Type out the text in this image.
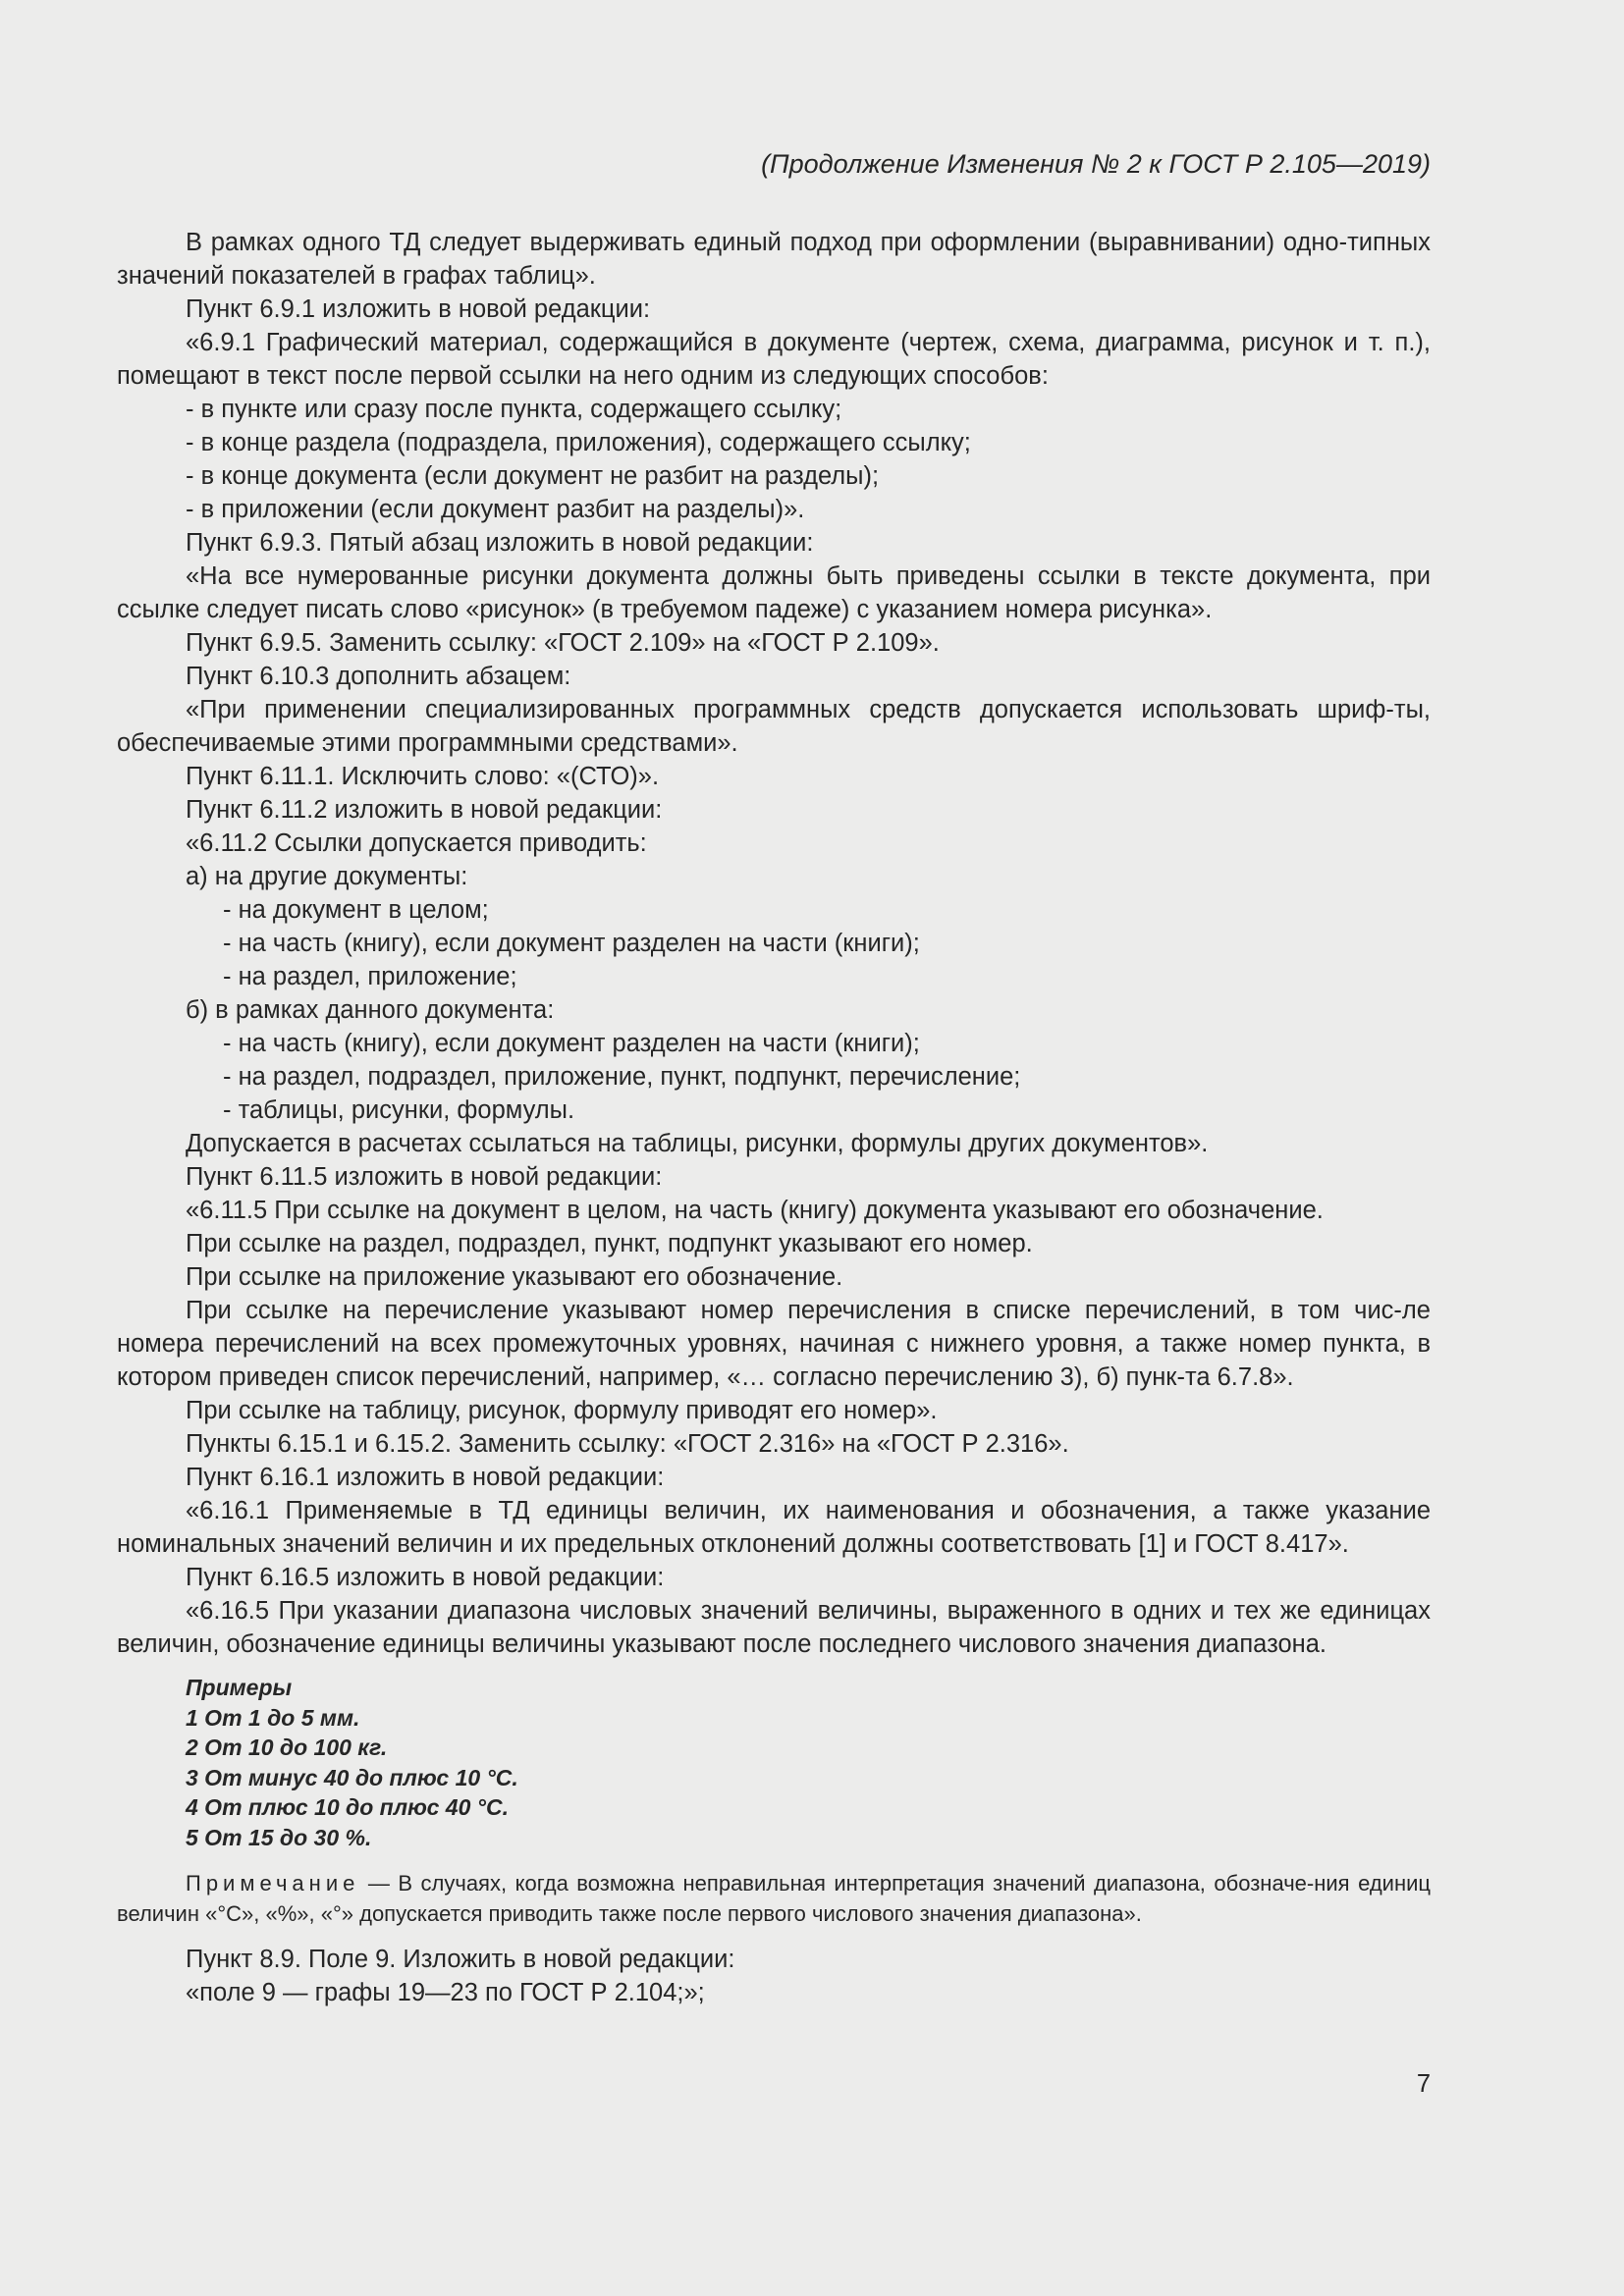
(Продолжение Изменения № 2 к ГОСТ Р 2.105—2019)

В рамках одного ТД следует выдерживать единый подход при оформлении (выравнивании) одно-типных значений показателей в графах таблиц».

Пункт 6.9.1 изложить в новой редакции:

«6.9.1 Графический материал, содержащийся в документе (чертеж, схема, диаграмма, рисунок и т. п.), помещают в текст после первой ссылки на него одним из следующих способов:

- в пункте или сразу после пункта, содержащего ссылку;

- в конце раздела (подраздела, приложения), содержащего ссылку;

- в конце документа (если документ не разбит на разделы);

- в приложении (если документ разбит на разделы)».

Пункт 6.9.3. Пятый абзац изложить в новой редакции:

«На все нумерованные рисунки документа должны быть приведены ссылки в тексте документа, при ссылке следует писать слово «рисунок» (в требуемом падеже) с указанием номера рисунка».

Пункт 6.9.5. Заменить ссылку: «ГОСТ 2.109» на «ГОСТ Р 2.109».

Пункт 6.10.3 дополнить абзацем:

«При применении специализированных программных средств допускается использовать шриф-ты, обеспечиваемые этими программными средствами».

Пункт 6.11.1. Исключить слово: «(СТО)».

Пункт 6.11.2 изложить в новой редакции:

«6.11.2 Ссылки допускается приводить:

а) на другие документы:

- на документ в целом;

- на часть (книгу), если документ разделен на части (книги);

- на раздел, приложение;

б) в рамках данного документа:

- на часть (книгу), если документ разделен на части (книги);

- на раздел, подраздел, приложение, пункт, подпункт, перечисление;

- таблицы, рисунки, формулы.

Допускается в расчетах ссылаться на таблицы, рисунки, формулы других документов».

Пункт 6.11.5 изложить в новой редакции:

«6.11.5 При ссылке на документ в целом, на часть (книгу) документа указывают его обозначение.

При ссылке на раздел, подраздел, пункт, подпункт указывают его номер.

При ссылке на приложение указывают его обозначение.

При ссылке на перечисление указывают номер перечисления в списке перечислений, в том чис-ле номера перечислений на всех промежуточных уровнях, начиная с нижнего уровня, а также номер пункта, в котором приведен список перечислений, например, «… согласно перечислению 3), б) пунк-та 6.7.8».

При ссылке на таблицу, рисунок, формулу приводят его номер».

Пункты 6.15.1 и 6.15.2. Заменить ссылку: «ГОСТ 2.316» на «ГОСТ Р 2.316».

Пункт 6.16.1 изложить в новой редакции:

«6.16.1 Применяемые в ТД единицы величин, их наименования и обозначения, а также указание номинальных значений величин и их предельных отклонений должны соответствовать [1] и ГОСТ 8.417».

Пункт 6.16.5 изложить в новой редакции:

«6.16.5 При указании диапазона числовых значений величины, выраженного в одних и тех же единицах величин, обозначение единицы величины указывают после последнего числового значения диапазона.

Примеры
1 От 1 до 5 мм.
2 От 10 до 100 кг.
3 От минус 40 до плюс 10 °С.
4 От плюс 10 до плюс 40 °С.
5 От 15 до 30 %.

Примечание — В случаях, когда возможна неправильная интерпретация значений диапазона, обозначе-ния единиц величин «°С», «%», «°» допускается приводить также после первого числового значения диапазона».

Пункт 8.9. Поле 9. Изложить в новой редакции:

«поле 9 — графы 19—23 по ГОСТ Р 2.104;»;

7
